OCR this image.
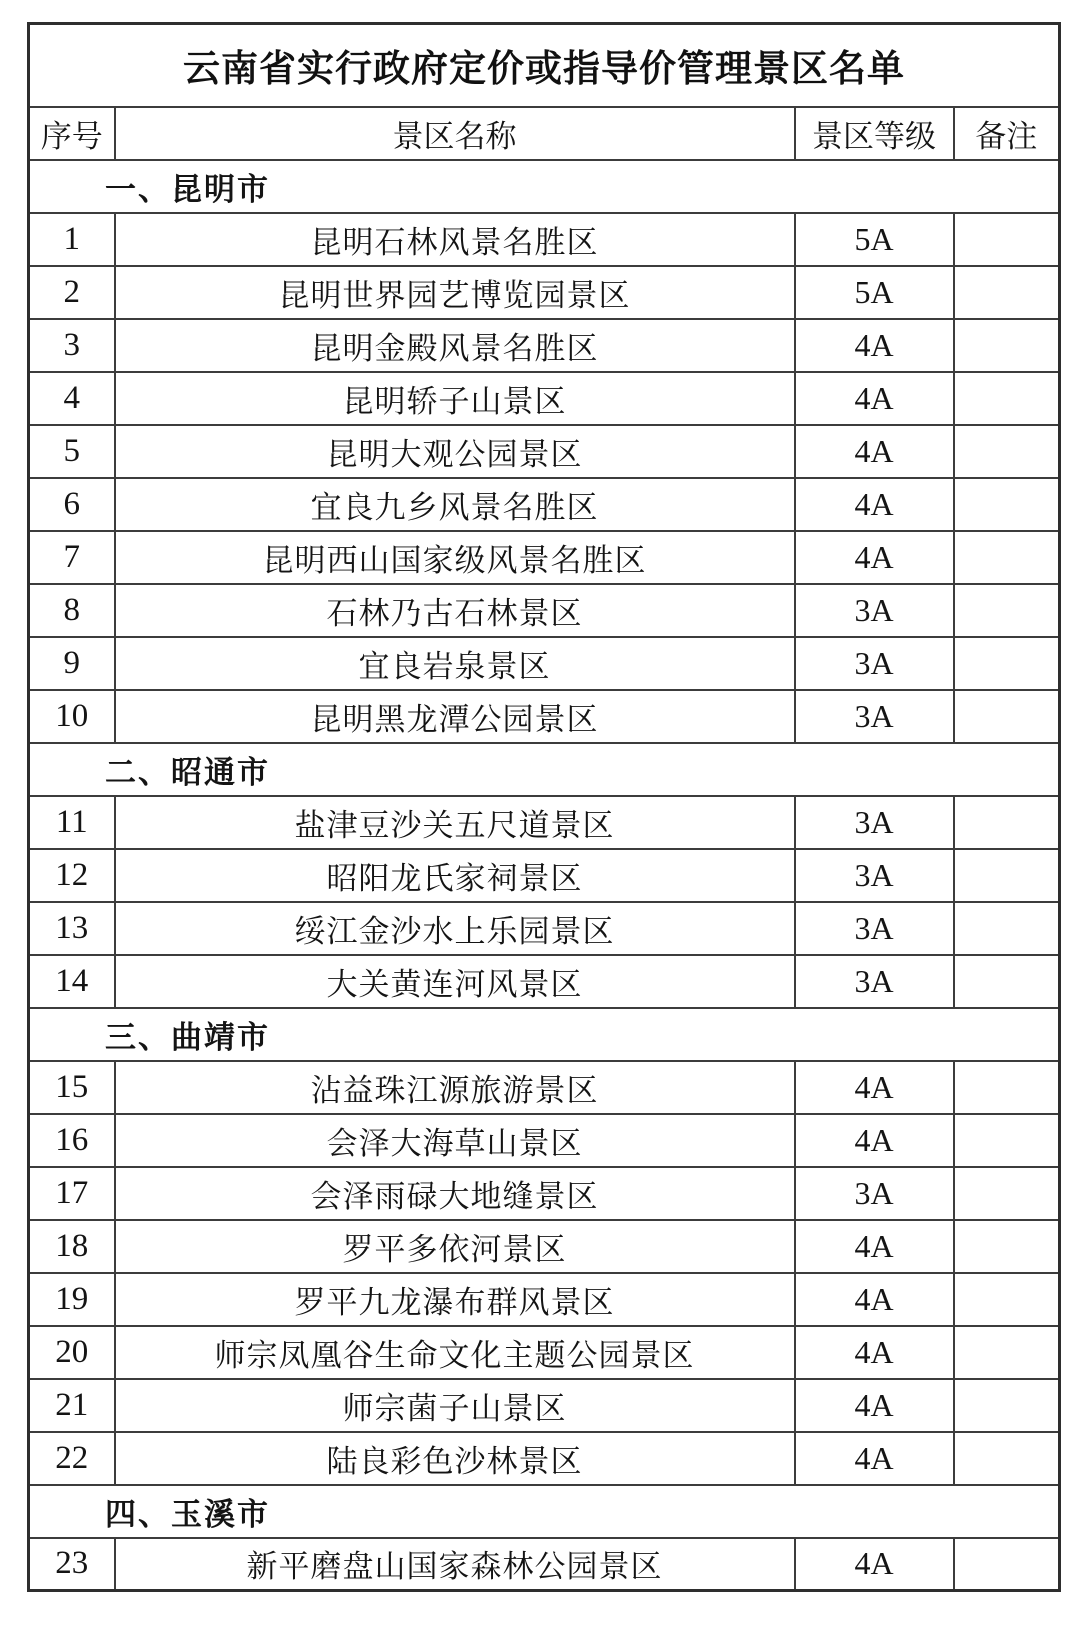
云南省实行政府定价或指导价管理景区名单			
序号	景区名称	景区等级	备注
一、昆明市			
1	昆明石林风景名胜区	5A	
2	昆明世界园艺博览园景区	5A	
3	昆明金殿风景名胜区	4A	
4	昆明轿子山景区	4A	
5	昆明大观公园景区	4A	
6	宜良九乡风景名胜区	4A	
7	昆明西山国家级风景名胜区	4A	
8	石林乃古石林景区	3A	
9	宜良岩泉景区	3A	
10	昆明黑龙潭公园景区	3A	
二、昭通市			
11	盐津豆沙关五尺道景区	3A	
12	昭阳龙氏家祠景区	3A	
13	绥江金沙水上乐园景区	3A	
14	大关黄连河风景区	3A	
三、曲靖市			
15	沾益珠江源旅游景区	4A	
16	会泽大海草山景区	4A	
17	会泽雨碌大地缝景区	3A	
18	罗平多依河景区	4A	
19	罗平九龙瀑布群风景区	4A	
20	师宗凤凰谷生命文化主题公园景区	4A	
21	师宗菌子山景区	4A	
22	陆良彩色沙林景区	4A	
四、玉溪市			
23	新平磨盘山国家森林公园景区	4A	
